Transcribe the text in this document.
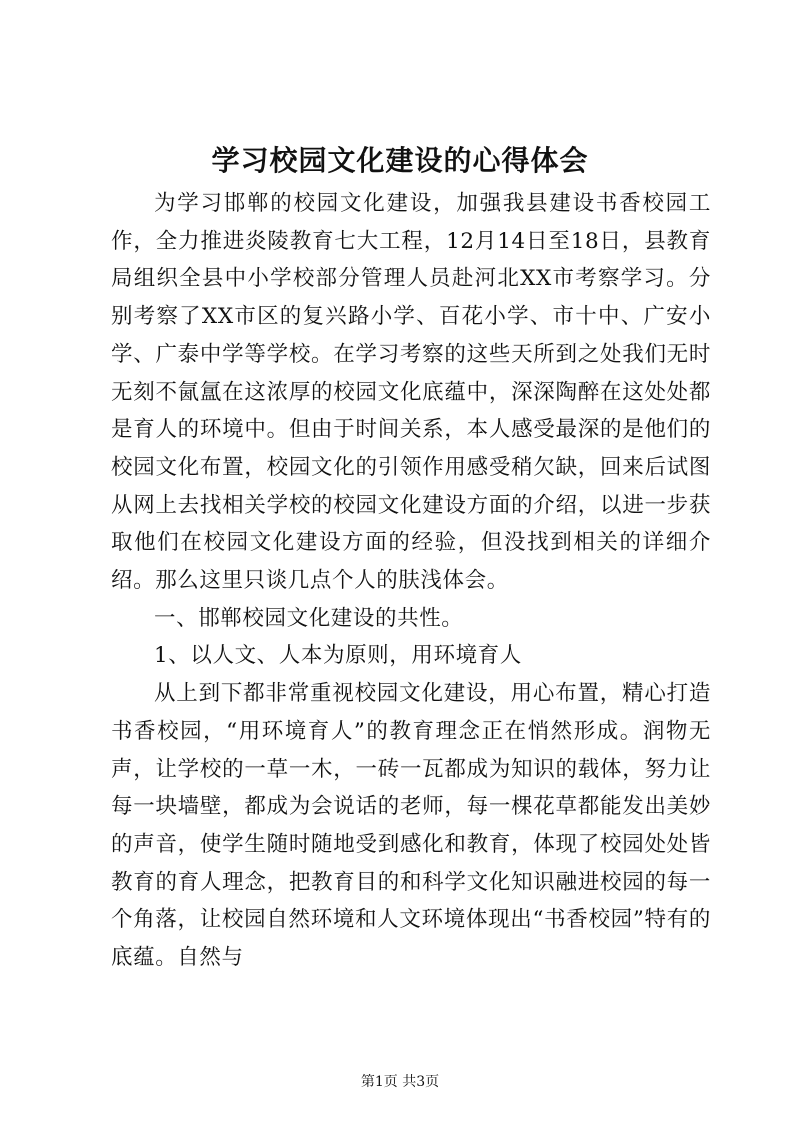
学习校园文化建设的心得体会

为学习邯郸的校园文化建设，加强我县建设书香校园工作，全力推进炎陵教育七大工程，12月14日至18日，县教育局组织全县中小学校部分管理人员赴河北XX市考察学习。分别考察了XX市区的复兴路小学、百花小学、市十中、广安小学、广泰中学等学校。在学习考察的这些天所到之处我们无时无刻不氤氲在这浓厚的校园文化底蕴中，深深陶醉在这处处都是育人的环境中。但由于时间关系，本人感受最深的是他们的校园文化布置，校园文化的引领作用感受稍欠缺，回来后试图从网上去找相关学校的校园文化建设方面的介绍，以进一步获取他们在校园文化建设方面的经验，但没找到相关的详细介绍。那么这里只谈几点个人的肤浅体会。

一、邯郸校园文化建设的共性。

1、以人文、人本为原则，用环境育人

从上到下都非常重视校园文化建设，用心布置，精心打造书香校园，“用环境育人”的教育理念正在悄然形成。润物无声，让学校的一草一木，一砖一瓦都成为知识的载体，努力让每一块墙壁，都成为会说话的老师，每一棵花草都能发出美妙的声音，使学生随时随地受到感化和教育，体现了校园处处皆教育的育人理念，把教育目的和科学文化知识融进校园的每一个角落，让校园自然环境和人文环境体现出“书香校园”特有的底蕴。自然与

第1页 共3页
